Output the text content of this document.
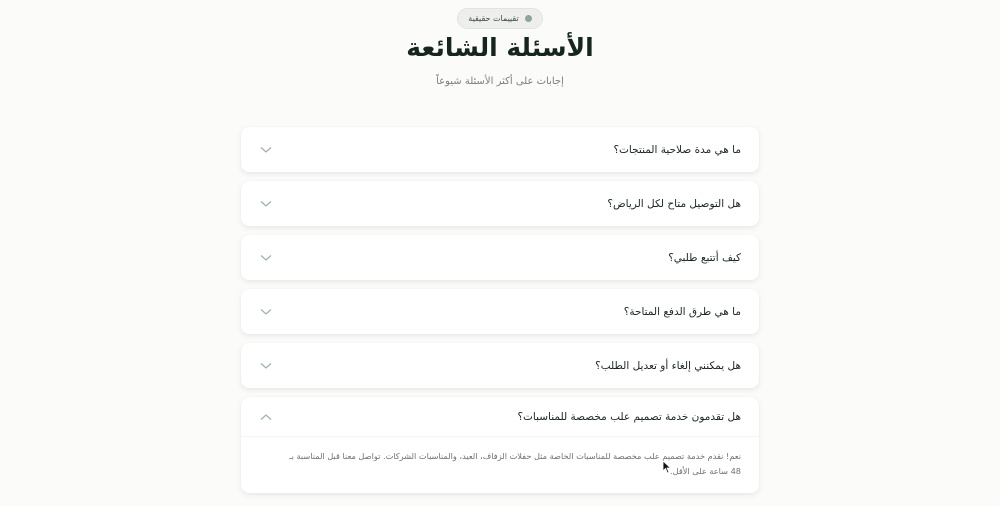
تقييمات حقيقية
الأسئلة الشائعة

إجابات على أكثر الأسئلة شيوعاً

ما هي مدة صلاحية المنتجات؟
هل التوصيل متاح لكل الرياض؟
كيف أتتبع طلبي؟
ما هي طرق الدفع المتاحة؟
هل يمكنني إلغاء أو تعديل الطلب؟
هل تقدمون خدمة تصميم علب مخصصة للمناسبات؟
نعم! نقدم خدمة تصميم علب مخصصة للمناسبات الخاصة مثل حفلات الزفاف، العيد، والمناسبات الشركات. تواصل معنا قبل المناسبة بـ
48 ساعة على الأقل.
